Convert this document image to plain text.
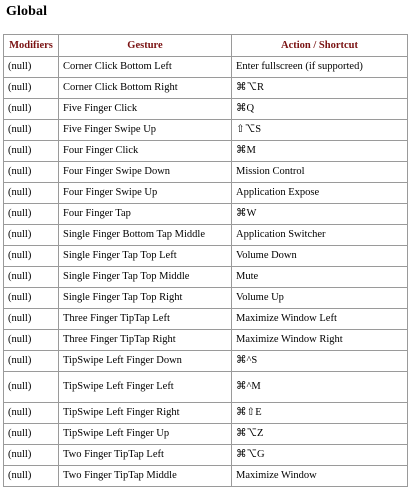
Global
Modifiers	Gesture	Action / Shortcut
(null)	Corner Click Bottom Left	Enter fullscreen (if supported)
(null)	Corner Click Bottom Right	⌘⌥R
(null)	Five Finger Click	⌘Q
(null)	Five Finger Swipe Up	⇧⌥S
(null)	Four Finger Click	⌘M
(null)	Four Finger Swipe Down	Mission Control
(null)	Four Finger Swipe Up	Application Expose
(null)	Four Finger Tap	⌘W
(null)	Single Finger Bottom Tap Middle	Application Switcher
(null)	Single Finger Tap Top Left	Volume Down
(null)	Single Finger Tap Top Middle	Mute
(null)	Single Finger Tap Top Right	Volume Up
(null)	Three Finger TipTap Left	Maximize Window Left
(null)	Three Finger TipTap Right	Maximize Window Right
(null)	TipSwipe Left Finger Down	⌘^S
(null)	TipSwipe Left Finger Left	⌘^M
(null)	TipSwipe Left Finger Right	⌘⇧E
(null)	TipSwipe Left Finger Up	⌘⌥Z
(null)	Two Finger TipTap Left	⌘⌥G
(null)	Two Finger TipTap Middle	Maximize Window
